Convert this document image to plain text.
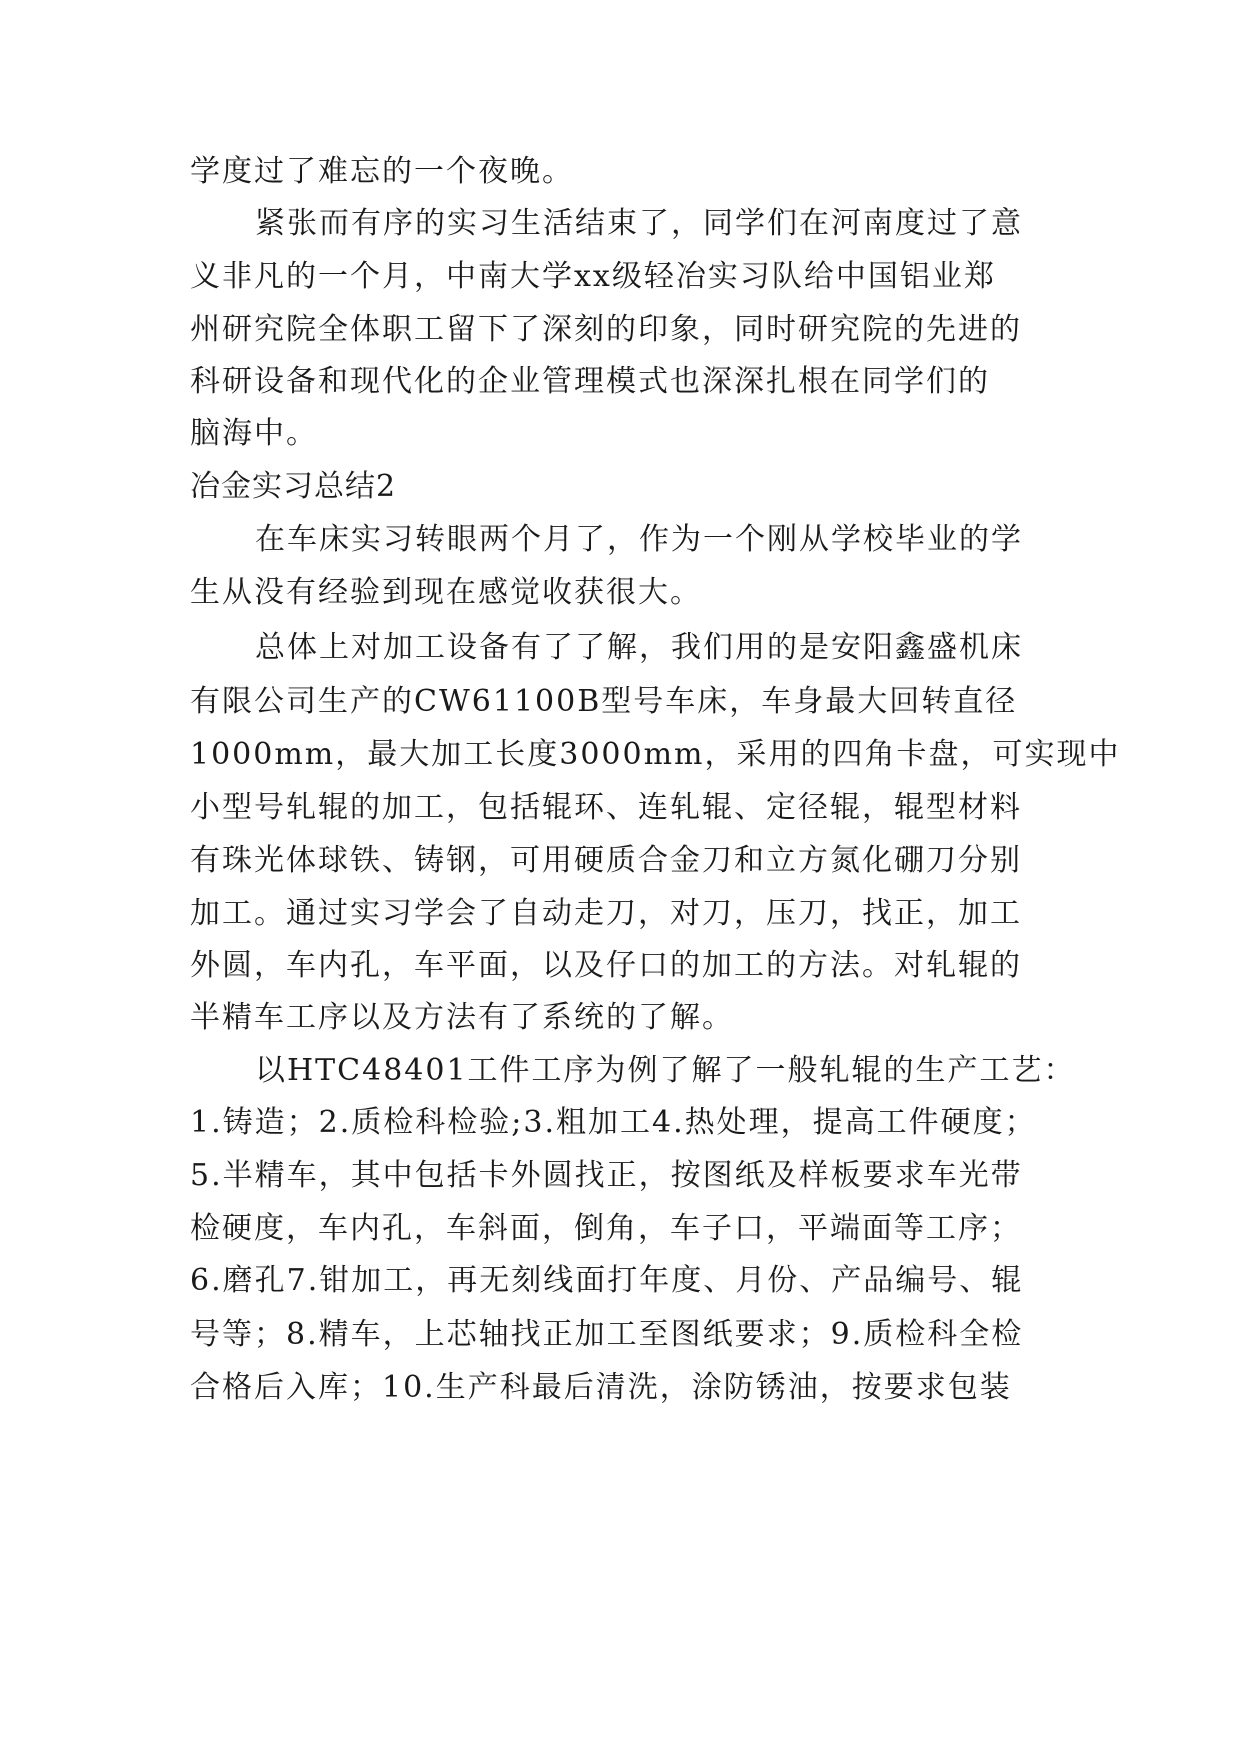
学度过了难忘的一个夜晚。
紧张而有序的实习生活结束了，同学们在河南度过了意
义非凡的一个月，中南大学xx级轻冶实习队给中国铝业郑
州研究院全体职工留下了深刻的印象，同时研究院的先进的
科研设备和现代化的企业管理模式也深深扎根在同学们的
脑海中。
冶金实习总结2
在车床实习转眼两个月了，作为一个刚从学校毕业的学
生从没有经验到现在感觉收获很大。
总体上对加工设备有了了解，我们用的是安阳鑫盛机床
有限公司生产的CW61100B型号车床，车身最大回转直径
1000mm，最大加工长度3000mm，采用的四角卡盘，可实现中
小型号轧辊的加工，包括辊环、连轧辊、定径辊，辊型材料
有珠光体球铁、铸钢，可用硬质合金刀和立方氮化硼刀分别
加工。通过实习学会了自动走刀，对刀，压刀，找正，加工
外圆，车内孔，车平面，以及仔口的加工的方法。对轧辊的
半精车工序以及方法有了系统的了解。
以HTC48401工件工序为例了解了一般轧辊的生产工艺：
1.铸造；2.质检科检验;3.粗加工4.热处理，提高工件硬度；
5.半精车，其中包括卡外圆找正，按图纸及样板要求车光带
检硬度，车内孔，车斜面，倒角，车子口，平端面等工序；
6.磨孔7.钳加工，再无刻线面打年度、月份、产品编号、辊
号等；8.精车，上芯轴找正加工至图纸要求；9.质检科全检
合格后入库；10.生产科最后清洗，涂防锈油，按要求包装
